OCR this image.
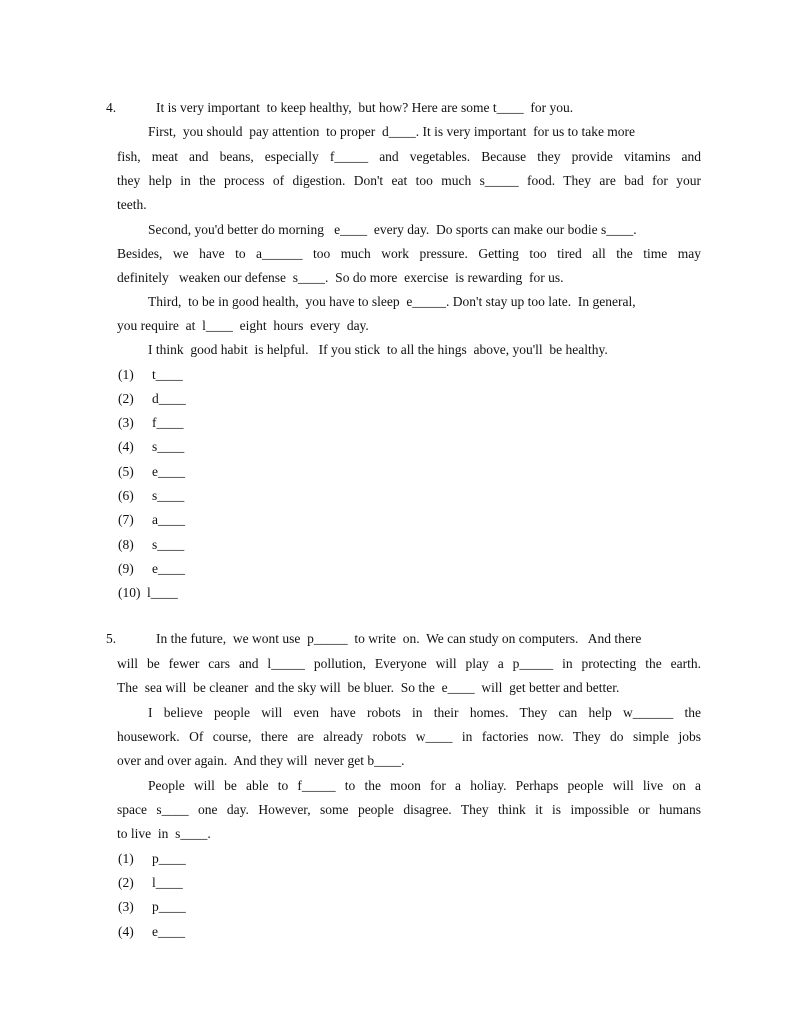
4.	It is very important  to keep healthy,  but how? Here are some t____  for you.
First,  you should  pay attention  to proper  d____. It is very important  for us to take more
fish, meat and beans, especially f_____ and vegetables. Because they provide vitamins and
they help in the process of digestion. Don't eat too much s_____ food. They are bad for your
teeth.
Second, you'd better do morning   e____  every day.  Do sports can make our bodie s____.
Besides, we have to a______ too much work pressure. Getting too tired all the time may
definitely   weaken our defense  s____.  So do more  exercise  is rewarding  for us.
Third,  to be in good health,  you have to sleep  e_____. Don't stay up too late.  In general,
you require  at  l____  eight  hours  every  day.
I think  good habit  is helpful.   If you stick  to all the hings  above, you'll  be healthy.
(1) t____
(2) d____
(3) f____
(4) s____
(5) e____
(6) s____
(7) a____
(8) s____
(9) e____
(10) l____
5.	In the future,  we wont use  p_____  to write  on.  We can study on computers.   And there
will be fewer cars and l_____ pollution, Everyone will play a p_____ in protecting the earth.
The  sea will  be cleaner  and the sky will  be bluer.  So the  e____  will  get better and better.
I believe people will even have robots in their homes. They can help w______ the
housework. Of course, there are already robots w____ in factories now. They do simple jobs
over and over again.  And they will  never get b____.
People will be able to f_____ to the moon for a holiay. Perhaps people will live on a
space s____ one day. However, some people disagree. They think it is impossible or humans
to live  in  s____.
(1) p____
(2) l____
(3) p____
(4) e____
